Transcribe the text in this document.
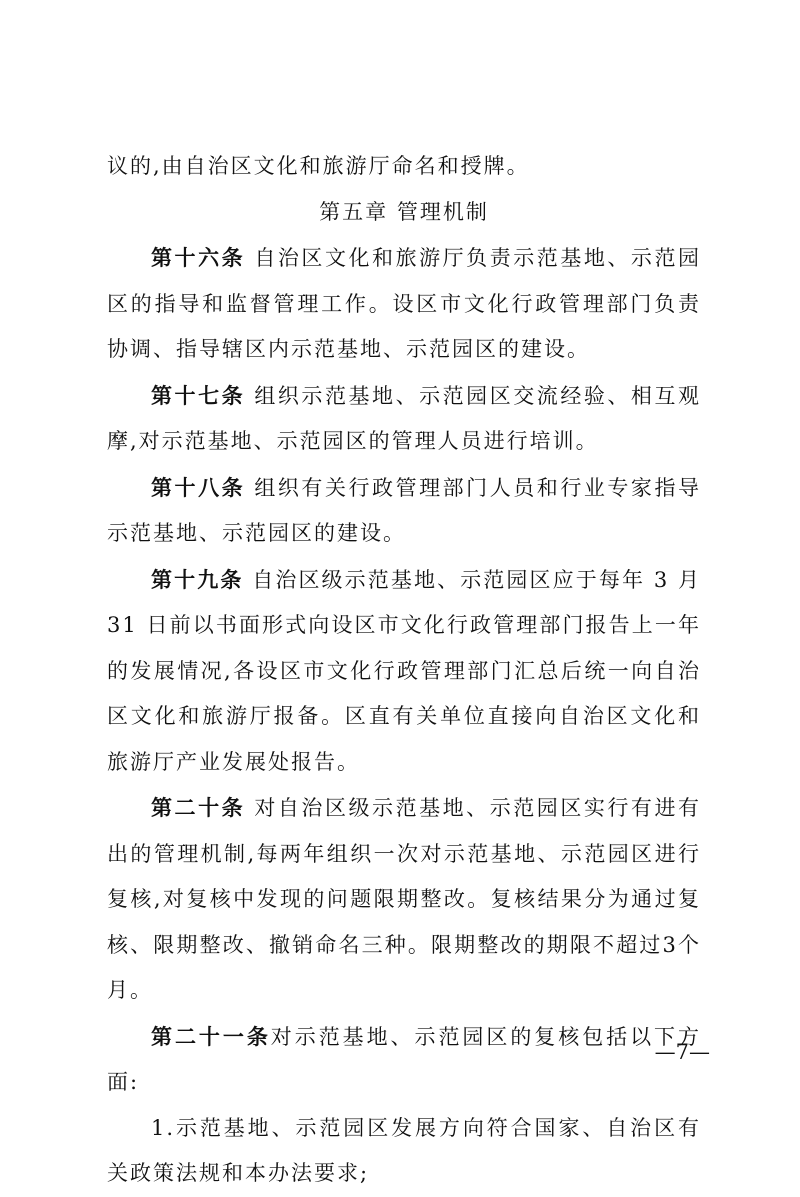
议的,由自治区文化和旅游厅命名和授牌。

第五章 管理机制

第十六条 自治区文化和旅游厅负责示范基地、示范园区的指导和监督管理工作。设区市文化行政管理部门负责协调、指导辖区内示范基地、示范园区的建设。

第十七条 组织示范基地、示范园区交流经验、相互观摩,对示范基地、示范园区的管理人员进行培训。

第十八条 组织有关行政管理部门人员和行业专家指导示范基地、示范园区的建设。

第十九条 自治区级示范基地、示范园区应于每年 3 月 31 日前以书面形式向设区市文化行政管理部门报告上一年的发展情况,各设区市文化行政管理部门汇总后统一向自治区文化和旅游厅报备。区直有关单位直接向自治区文化和旅游厅产业发展处报告。

第二十条 对自治区级示范基地、示范园区实行有进有出的管理机制,每两年组织一次对示范基地、示范园区进行复核,对复核中发现的问题限期整改。复核结果分为通过复核、限期整改、撤销命名三种。限期整改的期限不超过3个月。

第二十一条对示范基地、示范园区的复核包括以下方面:

1.示范基地、示范园区发展方向符合国家、自治区有关政策法规和本办法要求;

—7—
